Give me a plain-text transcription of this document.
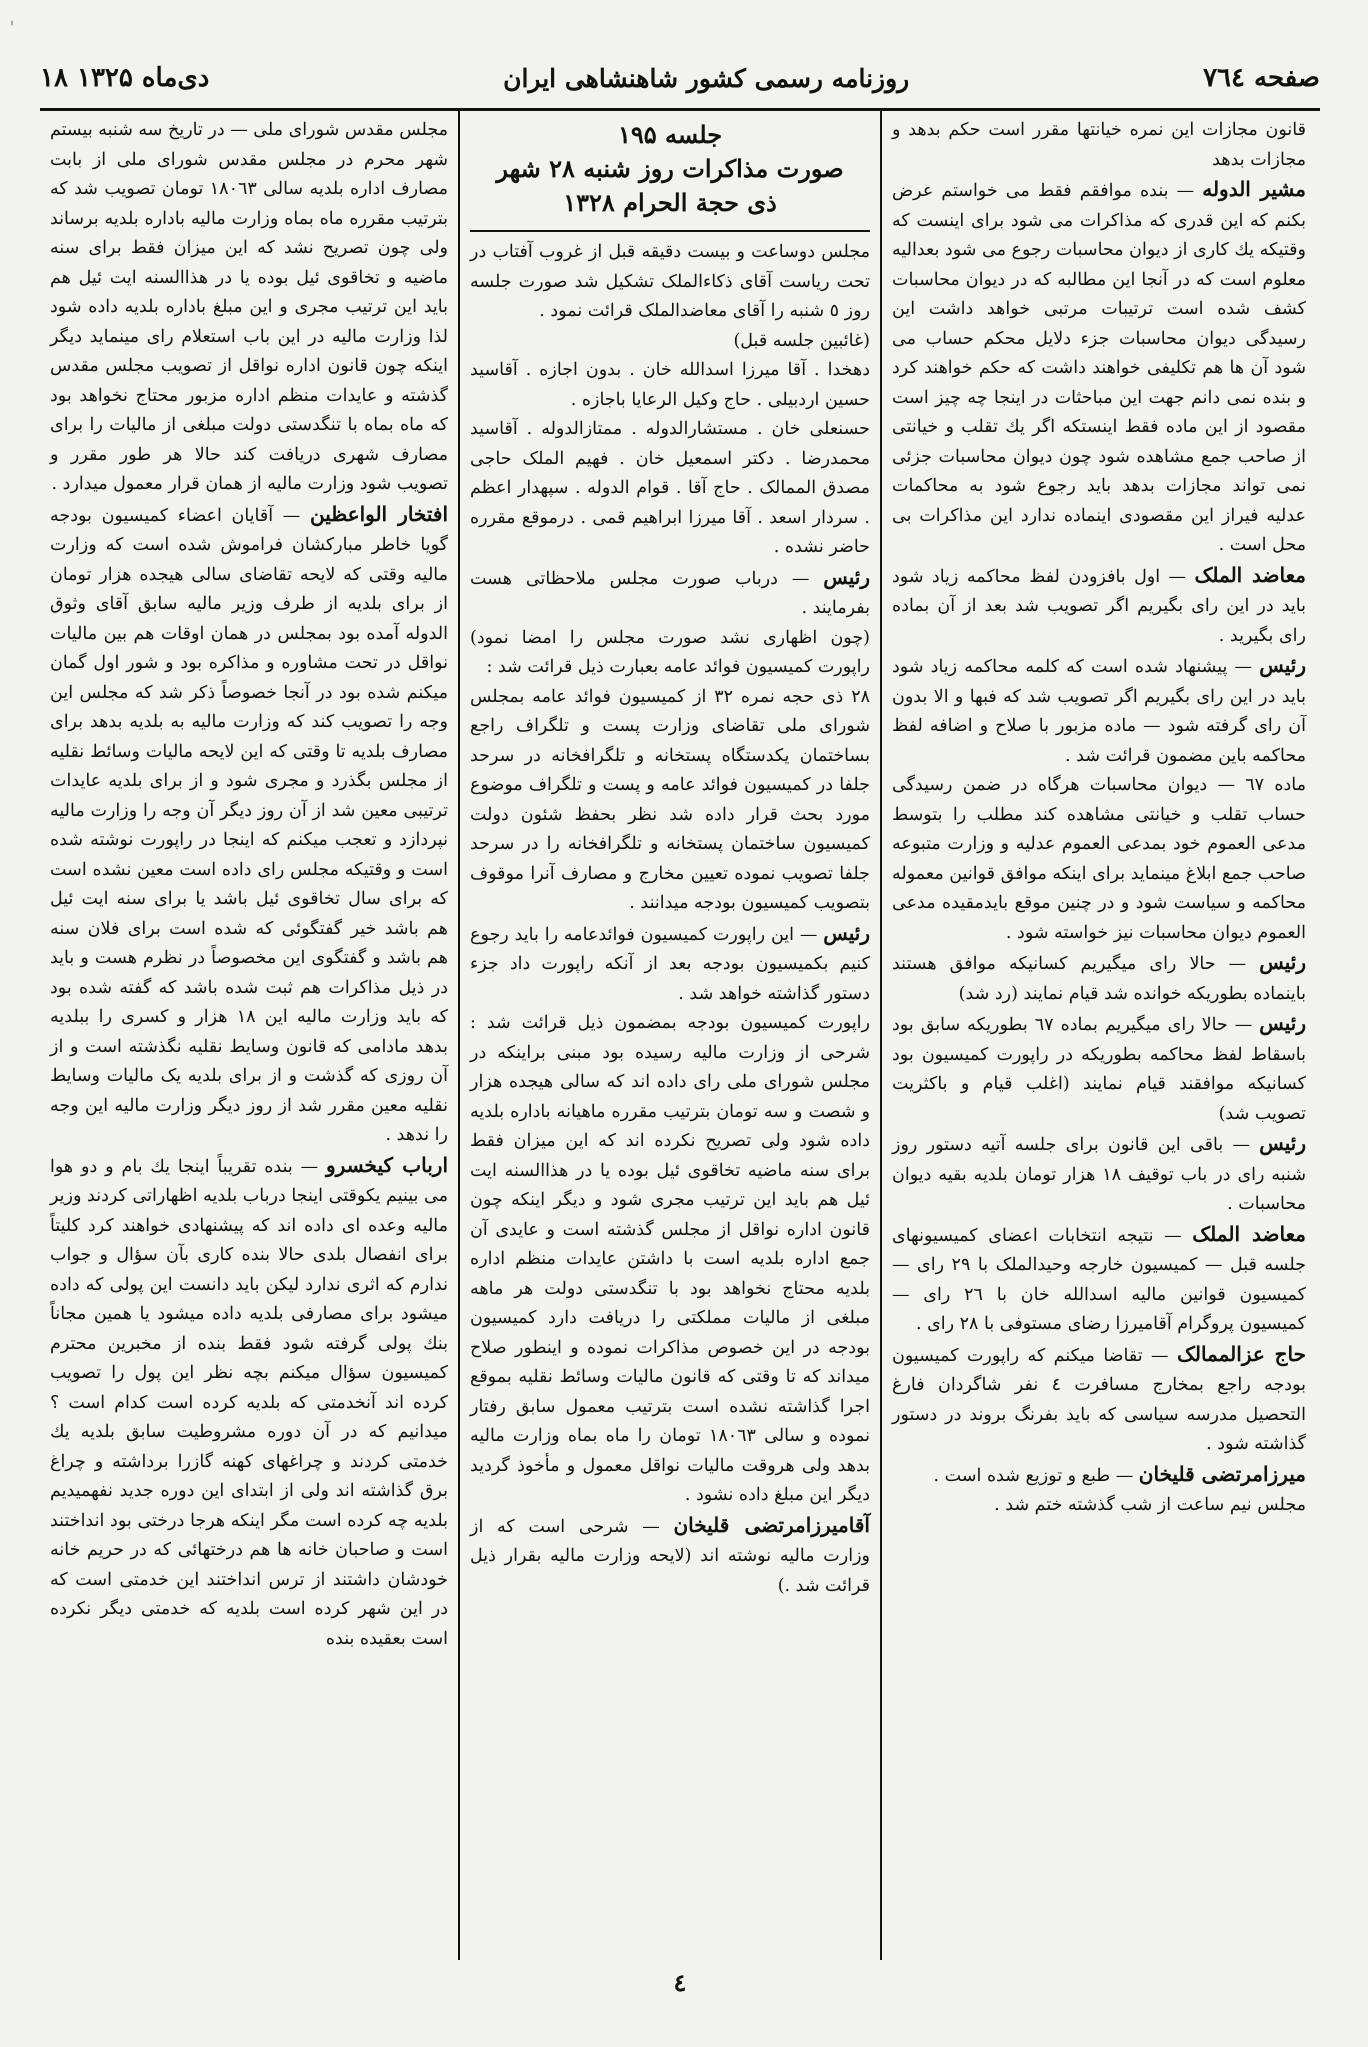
۱۸ دی‌ماه ۱۳۲۵	روزنامه رسمی کشور شاهنشاهی ایران	صفحه ۷٦٤

مجلس مقدس شورای ملی — در تاریخ سه شنبه بیستم شهر محرم در مجلس مقدس شورای ملی از بابت مصارف اداره بلدیه سالی ۱۸۰٦۳ تومان تصویب شد که بترتیب مقرره ماه بماه وزارت مالیه باداره بلدیه برساند ولی چون تصریح نشد که این میزان فقط برای سنه ماضیه و تخاقوی ئیل بوده یا در هذاالسنه ایت ئیل هم باید این ترتیب مجری و این مبلغ باداره بلدیه داده شود لذا وزارت مالیه در این باب استعلام رای مینماید دیگر اینکه چون قانون اداره نواقل از تصویب مجلس مقدس گذشته و عایدات منظم اداره مزبور محتاج نخواهد بود که ماه بماه با تنگدستی دولت مبلغی از مالیات را برای مصارف شهری دریافت کند حالا هر طور مقرر و تصویب شود وزارت مالیه از همان قرار معمول میدارد .

افتخار الواعظین — آقایان اعضاء کمیسیون بودجه گویا خاطر مبارکشان فراموش شده است که وزارت مالیه وقتی که لایحه تقاضای سالی هیجده هزار تومان از برای بلدیه از طرف وزیر مالیه سابق آقای وثوق الدوله آمده بود بمجلس در همان اوقات هم بین مالیات نواقل در تحت مشاوره و مذاکره بود و شور اول گمان میکنم شده بود در آنجا خصوصاً ذکر شد که مجلس این وجه را تصویب کند که وزارت مالیه به بلدیه بدهد برای مصارف بلدیه تا وقتی که این لایحه مالیات وسائط نقلیه از مجلس بگذرد و مجری شود و از برای بلدیه عایدات ترتیبی معین شد از آن روز دیگر آن وجه را وزارت مالیه نپردازد و تعجب میکنم که اینجا در راپورت نوشته شده است و وقتیکه مجلس رای داده است معین نشده است که برای سال تخاقوی ئیل باشد یا برای سنه ایت ئیل هم باشد خیر گفتگوئی که شده است برای فلان سنه هم باشد و گفتگوی این مخصوصاً در نظرم هست و باید در ذیل مذاکرات هم ثبت شده باشد که گفته شده بود که باید وزارت مالیه این ۱۸ هزار و کسری را ببلدیه بدهد مادامی که قانون وسایط نقلیه نگذشته است و از آن روزی که گذشت و از برای بلدیه یک مالیات وسایط نقلیه معین مقرر شد از روز دیگر وزارت مالیه این وجه را ندهد .

ارباب کیخسرو — بنده تقریباً اینجا یك بام و دو هوا می بینیم یکوقتی اینجا درباب بلدیه اظهاراتی کردند وزیر مالیه وعده ای داده اند که پیشنهادی خواهند کرد کلیتاً برای انفصال بلدی حالا بنده کاری بآن سؤال و جواب ندارم که اثری ندارد لیکن باید دانست این پولی که داده میشود برای مصارفی بلدیه داده میشود یا همین مجاناً بنك پولی گرفته شود فقط بنده از مخبرین محترم کمیسیون سؤال میکنم بچه نظر این پول را تصویب کرده اند آنخدمتی که بلدیه کرده است کدام است ؟ میدانیم که در آن دوره مشروطیت سابق بلدیه یك خدمتی کردند و چراغهای کهنه گازرا برداشته و چراغ برق گذاشته اند ولی از ابتدای این دوره جدید نفهمیدیم بلدیه چه کرده است مگر اینکه هرجا درختی بود انداختند است و صاحبان خانه ها هم درختهائی که در حریم خانه خودشان داشتند از ترس انداختند این خدمتی است که در این شهر کرده است بلدیه که خدمتی دیگر نکرده است بعقیده بنده

جلسه ۱۹۵
صورت مذاکرات روز شنبه ۲۸ شهر
ذی حجة الحرام ۱۳۲۸

مجلس دوساعت و بیست دقیقه قبل از غروب آفتاب در تحت ریاست آقای ذکاءالملک تشکیل شد صورت جلسه روز ٥ شنبه را آقای معاضدالملک قرائت نمود .

(غائبین جلسه قبل)

دهخدا . آقا میرزا اسدالله خان . بدون اجازه . آقاسید حسین اردبیلی . حاج وکیل الرعایا باجازه .

حسنعلی خان . مستشارالدوله . ممتازالدوله . آقاسید محمدرضا . دکتر اسمعیل خان . فهیم الملک حاجی مصدق الممالک . حاج آقا . قوام الدوله . سپهدار اعظم . سردار اسعد . آقا میرزا ابراهیم قمی . درموقع مقرره حاضر نشده .

رئیس — درباب صورت مجلس ملاحظاتی هست بفرمایند .

(چون اظهاری نشد صورت مجلس را امضا نمود) راپورت کمیسیون فوائد عامه بعبارت ذیل قرائت شد :

۲۸ ذی حجه نمره ۳۲ از کمیسیون فوائد عامه بمجلس شورای ملی تقاضای وزارت پست و تلگراف راجع بساختمان یکدستگاه پستخانه و تلگرافخانه در سرحد جلفا در کمیسیون فوائد عامه و پست و تلگراف موضوع مورد بحث قرار داده شد نظر بحفظ شئون دولت کمیسیون ساختمان پستخانه و تلگرافخانه را در سرحد جلفا تصویب نموده تعیین مخارج و مصارف آنرا موقوف بتصویب کمیسیون بودجه میدانند .

رئیس — این راپورت کمیسیون فوائدعامه را باید رجوع کنیم بکمیسیون بودجه بعد از آنکه راپورت داد جزء دستور گذاشته خواهد شد .

راپورت کمیسیون بودجه بمضمون ذیل قرائت شد : شرحی از وزارت مالیه رسیده بود مبنی براینکه در مجلس شورای ملی رای داده اند که سالی هیجده هزار و شصت و سه تومان بترتیب مقرره ماهیانه باداره بلدیه داده شود ولی تصریح نکرده اند که این میزان فقط برای سنه ماضیه تخاقوی ئیل بوده یا در هذاالسنه ایت ئیل هم باید این ترتیب مجری شود و دیگر اینکه چون قانون اداره نواقل از مجلس گذشته است و عایدی آن جمع اداره بلدیه است با داشتن عایدات منظم اداره بلدیه محتاج نخواهد بود با تنگدستی دولت هر ماهه مبلغی از مالیات مملکتی را دریافت دارد کمیسیون بودجه در این خصوص مذاکرات نموده و اینطور صلاح میداند که تا وقتی که قانون مالیات وسائط نقلیه بموقع اجرا گذاشته نشده است بترتیب معمول سابق رفتار نموده و سالی ۱۸۰٦۳ تومان را ماه بماه وزارت مالیه بدهد ولی هروقت مالیات نواقل معمول و مأخوذ گردید دیگر این مبلغ داده نشود .

آقامیرزامرتضی قلیخان — شرحی است که از وزارت مالیه نوشته اند (لایحه وزارت مالیه بقرار ذیل قرائت شد .)

قانون مجازات این نمره خیانتها مقرر است حکم بدهد و مجازات بدهد

مشیر الدوله — بنده موافقم فقط می خواستم عرض بکنم که این قدری که مذاکرات می شود برای اینست که وقتیکه یك کاری از دیوان محاسبات رجوع می شود بعدالیه معلوم است که در آنجا این مطالبه که در دیوان محاسبات کشف شده است ترتیبات مرتبی خواهد داشت این رسیدگی دیوان محاسبات جزء دلایل محکم حساب می شود آن ها هم تکلیفی خواهند داشت که حکم خواهند کرد و بنده نمی دانم جهت این مباحثات در اینجا چه چیز است مقصود از این ماده فقط اینستکه اگر یك تقلب و خیانتی از صاحب جمع مشاهده شود چون دیوان محاسبات جزئی نمی تواند مجازات بدهد باید رجوع شود به محاکمات عدلیه فیراز این مقصودی اینماده ندارد این مذاکرات بی محل است .

معاضد الملک — اول بافزودن لفظ محاکمه زیاد شود باید در این رای بگیریم اگر تصویب شد بعد از آن بماده رای بگیرید .

رئیس — پیشنهاد شده است که کلمه محاکمه زیاد شود باید در این رای بگیریم اگر تصویب شد که فبها و الا بدون آن رای گرفته شود — ماده مزبور با صلاح و اضافه لفظ محاکمه باین مضمون قرائت شد .

ماده ٦۷ — دیوان محاسبات هرگاه در ضمن رسیدگی حساب تقلب و خیانتی مشاهده کند مطلب را بتوسط مدعی العموم خود بمدعی العموم عدلیه و وزارت متبوعه صاحب جمع ابلاغ مینماید برای اینکه موافق قوانین معموله محاکمه و سیاست شود و در چنین موقع بایدمقیده مدعی العموم دیوان محاسبات نیز خواسته شود .

رئیس — حالا رای میگیریم کسانیکه موافق هستند باینماده بطوریکه خوانده شد قیام نمایند (رد شد)

رئیس — حالا رای میگیریم بماده ٦۷ بطوریکه سابق بود باسقاط لفظ محاکمه بطوریکه در راپورت کمیسیون بود کسانیکه موافقند قیام نمایند (اغلب قیام و باکثریت تصویب شد)

رئیس — باقی این قانون برای جلسه آتیه دستور روز شنبه رای در باب توقیف ۱۸ هزار تومان بلدیه بقیه دیوان محاسبات .

معاضد الملک — نتیجه انتخابات اعضای کمیسیونهای جلسه قبل — کمیسیون خارجه وحیدالملک با ۲۹ رای — کمیسیون قوانین مالیه اسدالله خان با ۲٦ رای — کمیسیون پروگرام آقامیرزا رضای مستوفی با ۲۸ رای .

حاج عزالممالک — تقاضا میکنم که راپورت کمیسیون بودجه راجع بمخارج مسافرت ٤ نفر شاگردان فارغ التحصیل مدرسه سیاسی که باید بفرنگ بروند در دستور گذاشته شود .

میرزامرتضی قلیخان — طبع و توزیع شده است .

مجلس نیم ساعت از شب گذشته ختم شد .

٤
